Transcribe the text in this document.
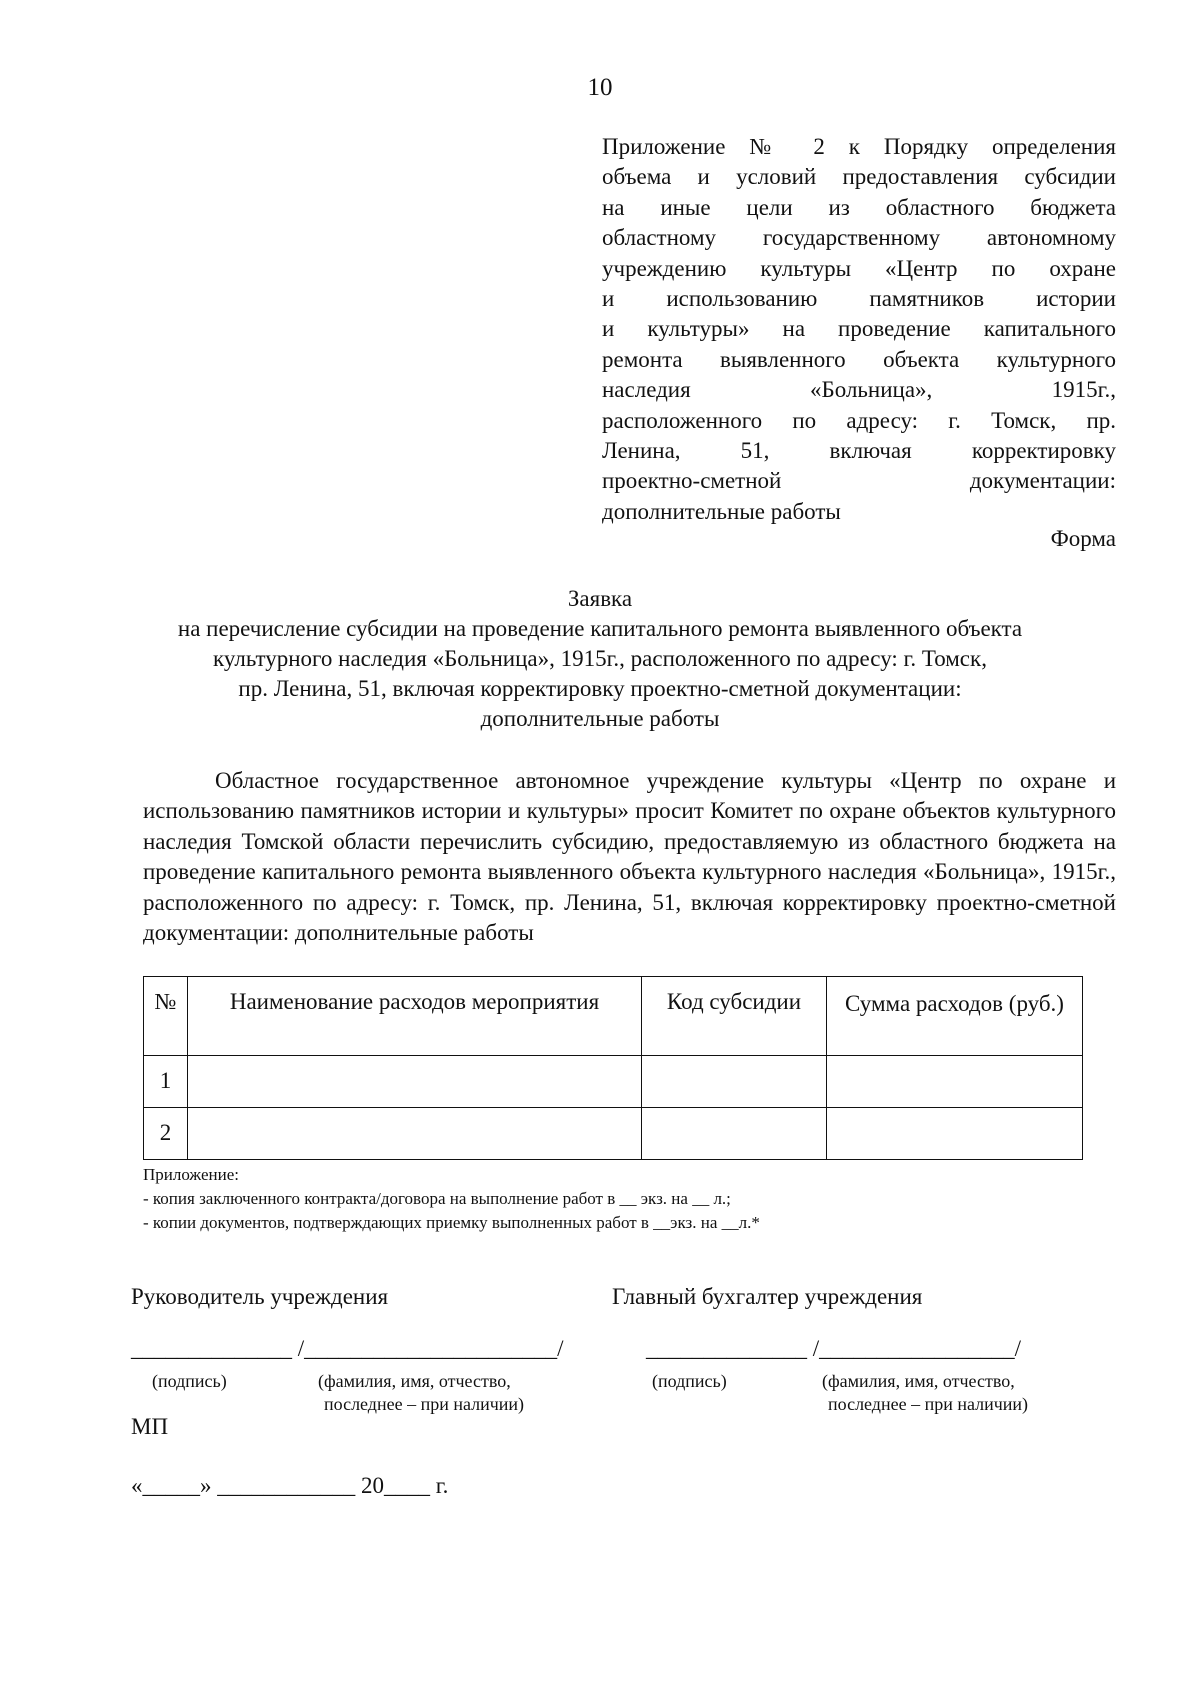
10
Приложение № 2 к Порядку определения
объема и условий предоставления субсидии
на иные цели из областного бюджета
областному государственному автономному
учреждению культуры «Центр по охране
и использованию памятников истории
и культуры» на проведение капитального
ремонта выявленного объекта культурного
наследия «Больница», 1915г.,
расположенного по адресу: г. Томск, пр.
Ленина, 51, включая корректировку
проектно-сметной документации:
дополнительные работы
Форма
Заявка
на перечисление субсидии на проведение капитального ремонта выявленного объекта
культурного наследия «Больница», 1915г., расположенного по адресу: г. Томск,
пр. Ленина, 51, включая корректировку проектно-сметной документации:
дополнительные работы
Областное государственное автономное учреждение культуры «Центр по охране и использованию памятников истории и культуры» просит Комитет по охране объектов культурного наследия Томской области перечислить субсидию, предоставляемую из областного бюджета на проведение капитального ремонта выявленного объекта культурного наследия «Больница», 1915г., расположенного по адресу: г. Томск, пр. Ленина, 51, включая корректировку проектно-сметной документации: дополнительные работы
№	Наименование расходов мероприятия	Код субсидии	Сумма расходов (руб.)
1			
2			
Приложение:
- копия заключенного контракта/договора на выполнение работ в __ экз. на __ л.;
- копии документов, подтверждающих приемку выполненных работ в __экз. на __л.*
Руководитель учреждения	Главный бухгалтер учреждения
______________ /______________________/	______________ /_________________/
(подпись)	(фамилия, имя, отчество,
последнее – при наличии)
(подпись)	(фамилия, имя, отчество,
последнее – при наличии)
МП
«_____» ____________ 20____ г.
